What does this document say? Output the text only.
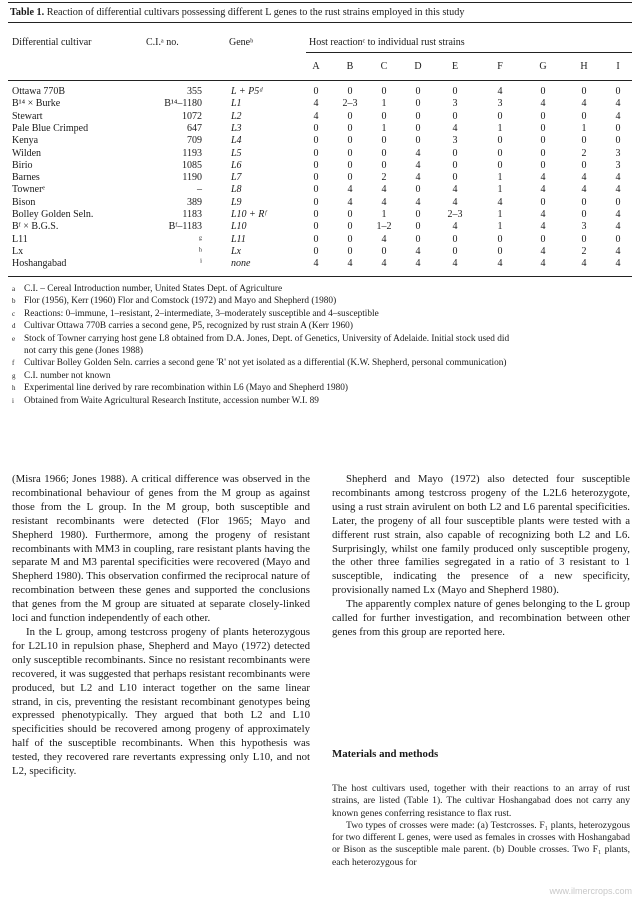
Table 1. Reaction of differential cultivars possessing different L genes to the rust strains employed in this study
Differential cultivar	C.I.ᵃ no.	Geneᵇ	Host reactionᶜ to individual rust strains
A	B	C	D	E	F	G	H	I
Ottawa 770B	355	L + P5ᵈ	0	0	0	0	0	4	0	0	0
B¹⁴ × Burke	B¹⁴–1180	L1	4	2–3	1	0	3	3	4	4	4
Stewart	1072	L2	4	0	0	0	0	0	0	0	4
Pale Blue Crimped	647	L3	0	0	1	0	4	1	0	1	0
Kenya	709	L4	0	0	0	0	3	0	0	0	0
Wilden	1193	L5	0	0	0	4	0	0	0	2	3
Birio	1085	L6	0	0	0	4	0	0	0	0	3
Barnes	1190	L7	0	0	2	4	0	1	4	4	4
Townerᵉ	–	L8	0	4	4	0	4	1	4	4	4
Bison	389	L9	0	4	4	4	4	4	0	0	0
Bolley Golden Seln.	1183	L10 + Rᶠ	0	0	1	0	2–3	1	4	0	4
Bᶠ × B.G.S.	Bᶠ–1183	L10	0	0	1–2	0	4	1	4	3	4
L11	ᵍ	L11	0	0	4	0	0	0	0	0	0
Lx	ʰ	Lx	0	0	0	4	0	0	4	2	4
Hoshangabad	ⁱ	none	4	4	4	4	4	4	4	4	4
a C.I. – Cereal Introduction number, United States Dept. of Agriculture
b Flor (1956), Kerr (1960) Flor and Comstock (1972) and Mayo and Shepherd (1980)
c Reactions: 0–immune, 1–resistant, 2–intermediate, 3–moderately susceptible and 4–susceptible
d Cultivar Ottawa 770B carries a second gene, P5, recognized by rust strain A (Kerr 1960)
e Stock of Towner carrying host gene L8 obtained from D.A. Jones, Dept. of Genetics, University of Adelaide. Initial stock used did
not carry this gene (Jones 1988)
f Cultivar Bolley Golden Seln. carries a second gene 'R' not yet isolated as a differential (K.W. Shepherd, personal communication)
g C.I. number not known
h Experimental line derived by rare recombination within L6 (Mayo and Shepherd 1980)
i Obtained from Waite Agricultural Research Institute, accession number W.I. 89

(Misra 1966; Jones 1988). A critical difference was observed in the recombinational behaviour of genes from the M group as against those from the L group. In the M group, both susceptible and resistant recombinants were detected (Flor 1965; Mayo and Shepherd 1980). Furthermore, among the progeny of resistant recombinants with MM3 in coupling, rare resistant plants having the separate M and M3 parental specificities were recovered (Mayo and Shepherd 1980). This observation confirmed the reciprocal nature of recombination between these genes and supported the conclusions that genes from the M group are situated at separate closely-linked loci and function independently of each other.

In the L group, among testcross progeny of plants heterozygous for L2L10 in repulsion phase, Shepherd and Mayo (1972) detected only susceptible recombinants. Since no resistant recombinants were recovered, it was suggested that perhaps resistant recombinants were produced, but L2 and L10 interact together on the same linear strand, in cis, preventing the resistant recombinant genotypes being expressed phenotypically. They argued that both L2 and L10 specificities should be recovered among progeny of approximately half of the susceptible recombinants. When this hypothesis was tested, they recovered rare revertants expressing only L10, and not L2, specificity.

Shepherd and Mayo (1972) also detected four susceptible recombinants among testcross progeny of the L2L6 heterozygote, using a rust strain avirulent on both L2 and L6 parental specificities. Later, the progeny of all four susceptible plants were tested with a different rust strain, also capable of recognizing both L2 and L6. Surprisingly, whilst one family produced only susceptible progeny, the other three families segregated in a ratio of 3 resistant to 1 susceptible, indicating the presence of a new specificity, provisionally named Lx (Mayo and Shepherd 1980).

The apparently complex nature of genes belonging to the L group called for further investigation, and recombination between other genes from this group are reported here.

Materials and methods

The host cultivars used, together with their reactions to an array of rust strains, are listed (Table 1). The cultivar Hoshangabad does not carry any known genes conferring resistance to flax rust.

Two types of crosses were made: (a) Testcrosses. F₁ plants, heterozygous for two different L genes, were used as females in crosses with Hoshangabad or Bison as the susceptible male parent. (b) Double crosses. Two F₁ plants, each heterozygous for

www.ilmercrops.com
